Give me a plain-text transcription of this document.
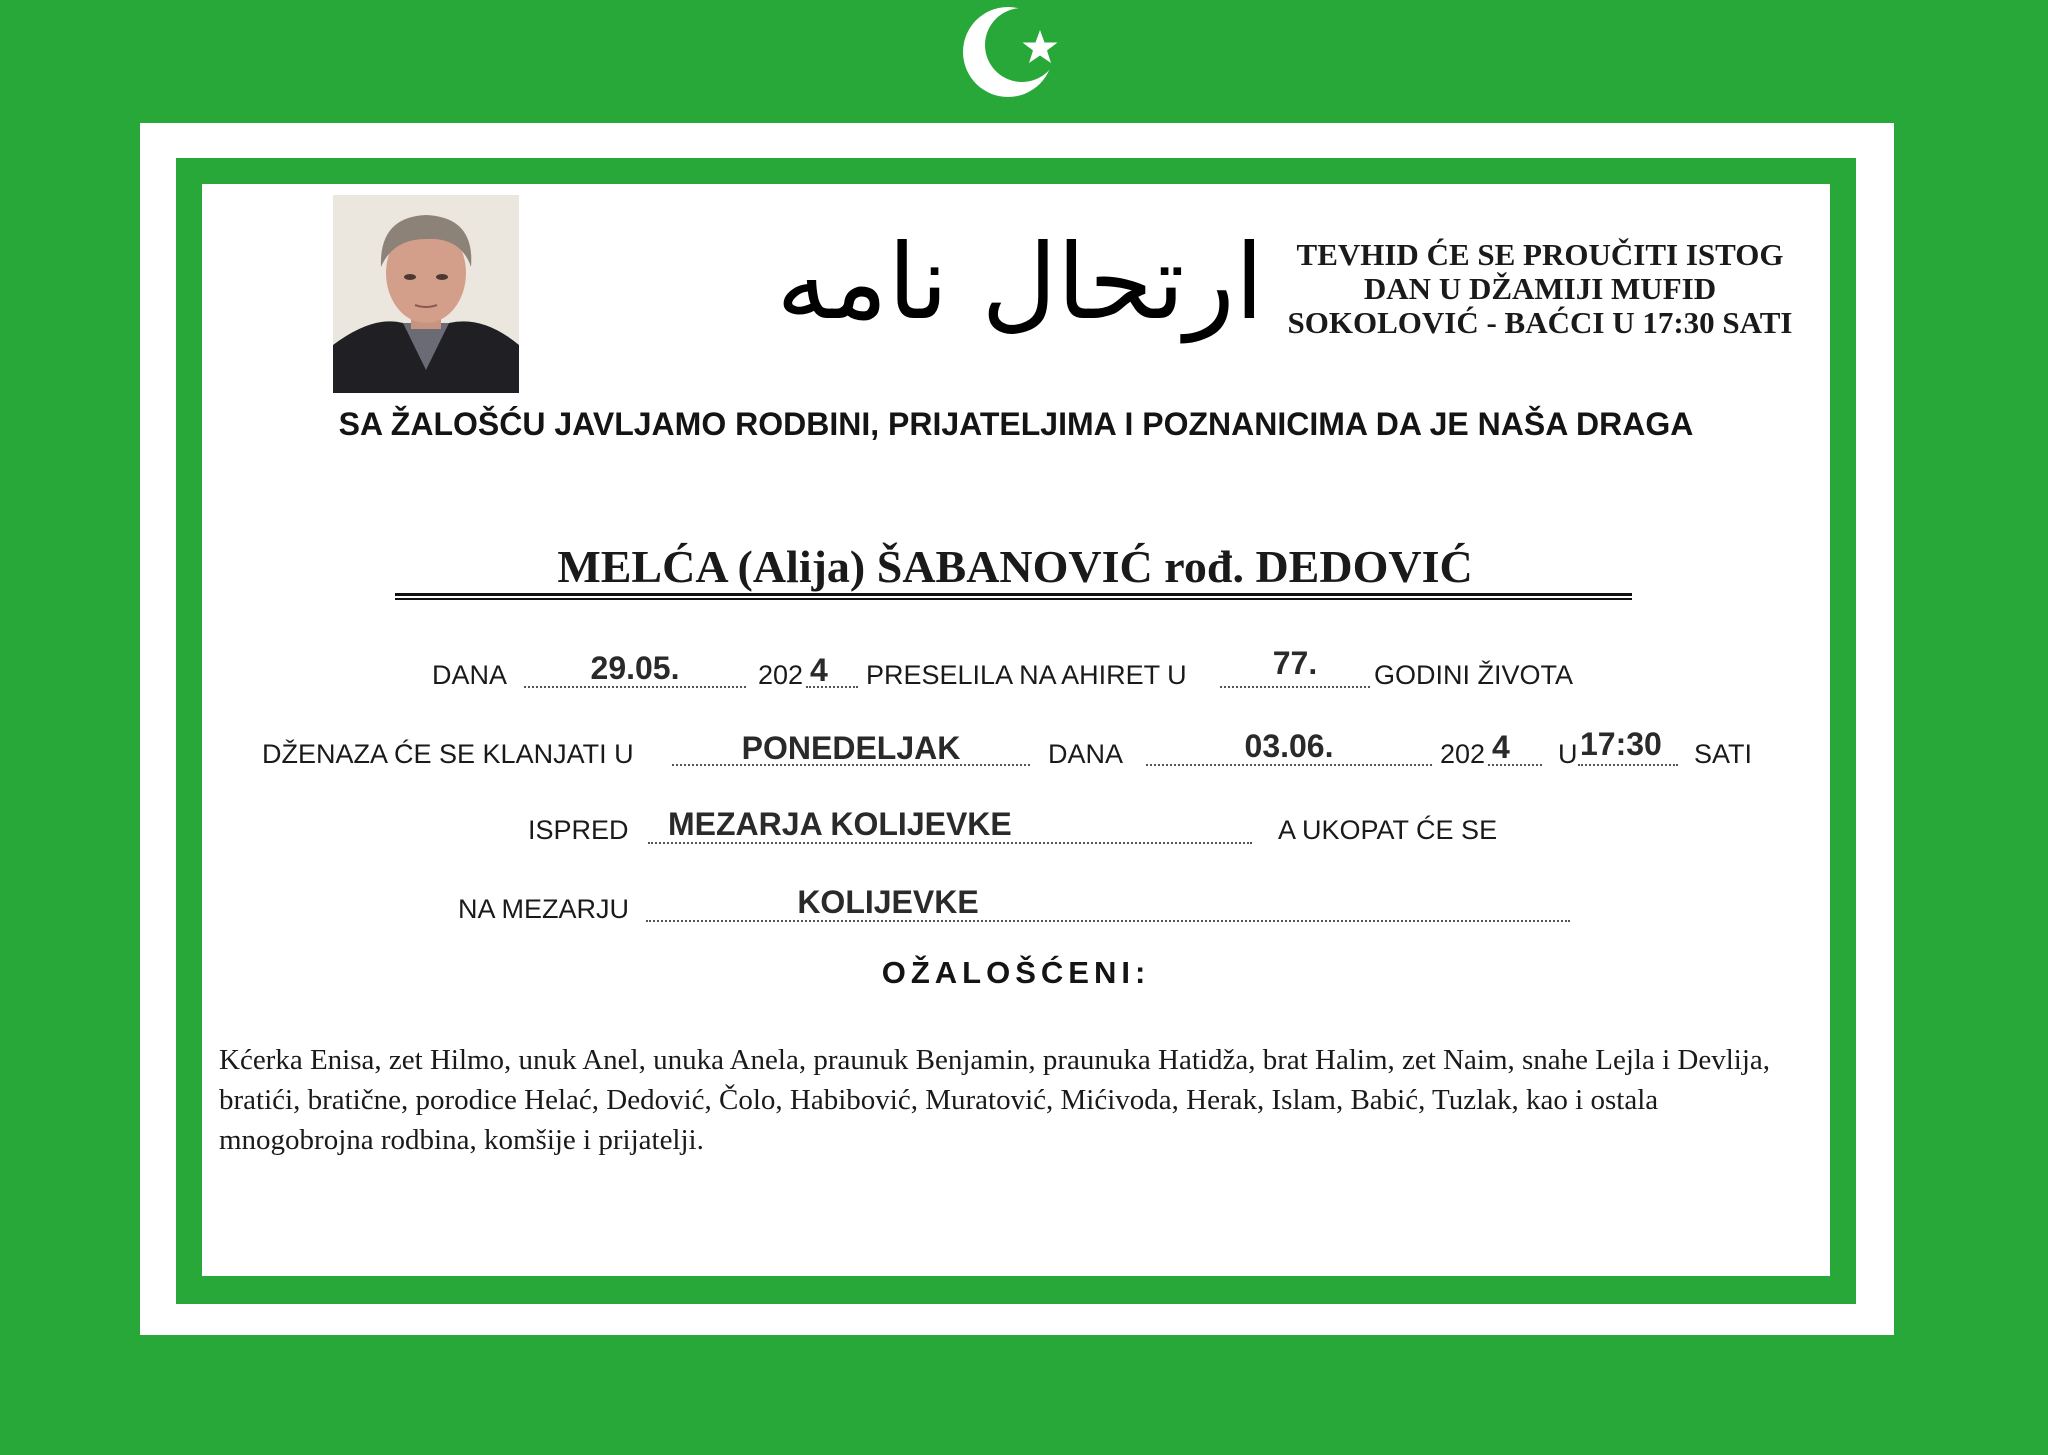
ارتحال نامه	TEVHID ĆE SE PROUČITI ISTOG
DAN U DŽAMIJI MUFID
SOKOLOVIĆ - BAĆCI U 17:30 SATI
SA ŽALOŠĆU JAVLJAMO RODBINI, PRIJATELJIMA I POZNANICIMA DA JE NAŠA DRAGA
MELĆA (Alija) ŠABANOVIĆ rođ. DEDOVIĆ
DANA	29.05.	202 4 PRESELILA NA AHIRET U	77.	GODINI ŽIVOTA
DŽENAZA ĆE SE KLANJATI U	PONEDELJAK	DANA	03.06.	202 4 U 17:30 SATI
ISPRED MEZARJA KOLIJEVKE	A UKOPAT ĆE SE
NA MEZARJU	KOLIJEVKE
OŽALOŠĆENI:
Kćerka Enisa, zet Hilmo, unuk Anel, unuka Anela, praunuk Benjamin, praunuka Hatidža, brat Halim, zet Naim, snahe Lejla i Devlija, bratići, bratične, porodice Helać, Dedović, Čolo, Habibović, Muratović, Mićivoda, Herak, Islam, Babić, Tuzlak, kao i ostala mnogobrojna rodbina, komšije i prijatelji.
